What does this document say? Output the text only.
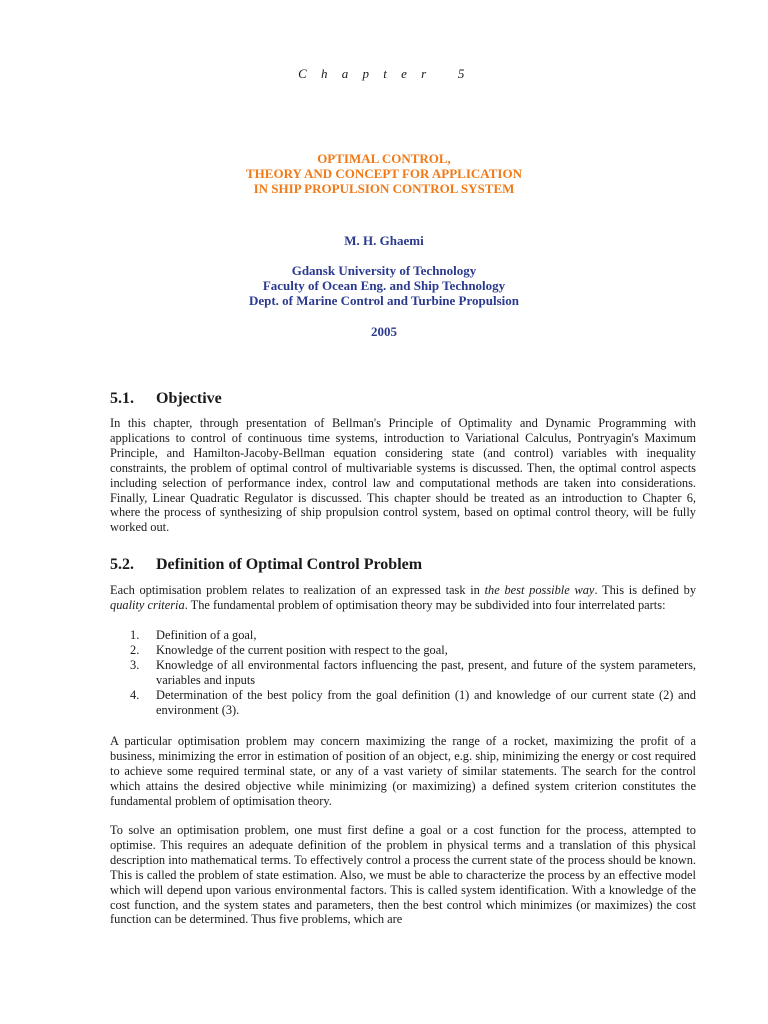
C h a p t e r   5
OPTIMAL CONTROL,
THEORY AND CONCEPT FOR APPLICATION
IN SHIP PROPULSION CONTROL SYSTEM
M. H. Ghaemi
Gdansk University of Technology
Faculty of Ocean Eng. and Ship Technology
Dept. of Marine Control and Turbine Propulsion
2005
5.1. Objective
In this chapter, through presentation of Bellman's Principle of Optimality and Dynamic Programming with applications to control of continuous time systems, introduction to Variational Calculus, Pontryagin's Maximum Principle, and Hamilton-Jacoby-Bellman equation considering state (and control) variables with inequality constraints, the problem of optimal control of multivariable systems is discussed. Then, the optimal control aspects including selection of performance index, control law and computational methods are taken into considerations. Finally, Linear Quadratic Regulator is discussed. This chapter should be treated as an introduction to Chapter 6, where the process of synthesizing of ship propulsion control system, based on optimal control theory, will be fully worked out.
5.2. Definition of Optimal Control Problem
Each optimisation problem relates to realization of an expressed task in the best possible way. This is defined by quality criteria. The fundamental problem of optimisation theory may be subdivided into four interrelated parts:
1. Definition of a goal,
2. Knowledge of the current position with respect to the goal,
3. Knowledge of all environmental factors influencing the past, present, and future of the system parameters, variables and inputs
4. Determination of the best policy from the goal definition (1) and knowledge of our current state (2) and environment (3).
A particular optimisation problem may concern maximizing the range of a rocket, maximizing the profit of a business, minimizing the error in estimation of position of an object, e.g. ship, minimizing the energy or cost required to achieve some required terminal state, or any of a vast variety of similar statements. The search for the control which attains the desired objective while minimizing (or maximizing) a defined system criterion constitutes the fundamental problem of optimisation theory.
To solve an optimisation problem, one must first define a goal or a cost function for the process, attempted to optimise. This requires an adequate definition of the problem in physical terms and a translation of this physical description into mathematical terms. To effectively control a process the current state of the process should be known. This is called the problem of state estimation. Also, we must be able to characterize the process by an effective model which will depend upon various environmental factors. This is called system identification. With a knowledge of the cost function, and the system states and parameters, then the best control which minimizes (or maximizes) the cost function can be determined. Thus five problems, which are
